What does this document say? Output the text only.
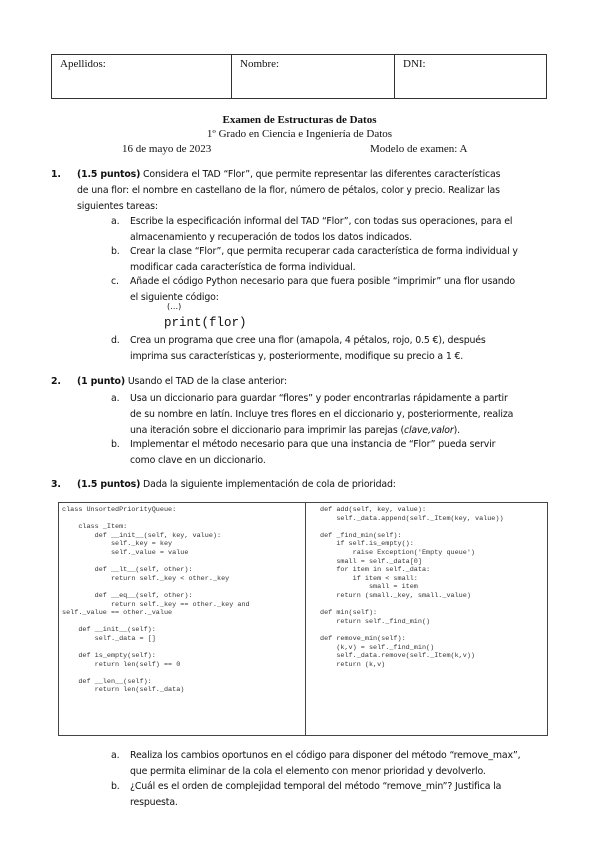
Apellidos:	Nombre:	DNI:
Examen de Estructuras de Datos
1º Grado en Ciencia e Ingeniería de Datos
16 de mayo de 2023	Modelo de examen: A
1. (1.5 puntos) Considera el TAD “Flor”, que permite representar las diferentes características
de una flor: el nombre en castellano de la flor, número de pétalos, color y precio. Realizar las
siguientes tareas:
a. Escribe la especificación informal del TAD “Flor”, con todas sus operaciones, para el
almacenamiento y recuperación de todos los datos indicados.
b. Crear la clase “Flor”, que permita recuperar cada característica de forma individual y
modificar cada característica de forma individual.
c. Añade el código Python necesario para que fuera posible “imprimir” una flor usando
el siguiente código:
(…)
print(flor)
d. Crea un programa que cree una flor (amapola, 4 pétalos, rojo, 0.5 €), después
imprima sus características y, posteriormente, modifique su precio a 1 €.
2. (1 punto) Usando el TAD de la clase anterior:
a. Usa un diccionario para guardar “flores” y poder encontrarlas rápidamente a partir
de su nombre en latín. Incluye tres flores en el diccionario y, posteriormente, realiza
una iteración sobre el diccionario para imprimir las parejas (clave,valor).
b. Implementar el método necesario para que una instancia de “Flor” pueda servir
como clave en un diccionario.
3. (1.5 puntos) Dada la siguiente implementación de cola de prioridad:
class UnsortedPriorityQueue:

class _Item:
def __init__(self, key, value):
self._key = key
self._value = value

def __lt__(self, other):
return self._key < other._key

def __eq__(self, other):
return self._key == other._key and
self._value == other._value

def __init__(self):
self._data = []

def is_empty(self):
return len(self) == 0

def __len__(self):
return len(self._data)

def add(self, key, value):
self._data.append(self._Item(key, value))

def _find_min(self):
if self.is_empty():
raise Exception('Empty queue')
small = self._data[0]
for item in self._data:
if item < small:
small = item
return (small._key, small._value)

def min(self):
return self._find_min()

def remove_min(self):
(k,v) = self._find_min()
self._data.remove(self._Item(k,v))
return (k,v)
a. Realiza los cambios oportunos en el código para disponer del método “remove_max”,
que permita eliminar de la cola el elemento con menor prioridad y devolverlo.
b. ¿Cuál es el orden de complejidad temporal del método “remove_min”? Justifica la
respuesta.
